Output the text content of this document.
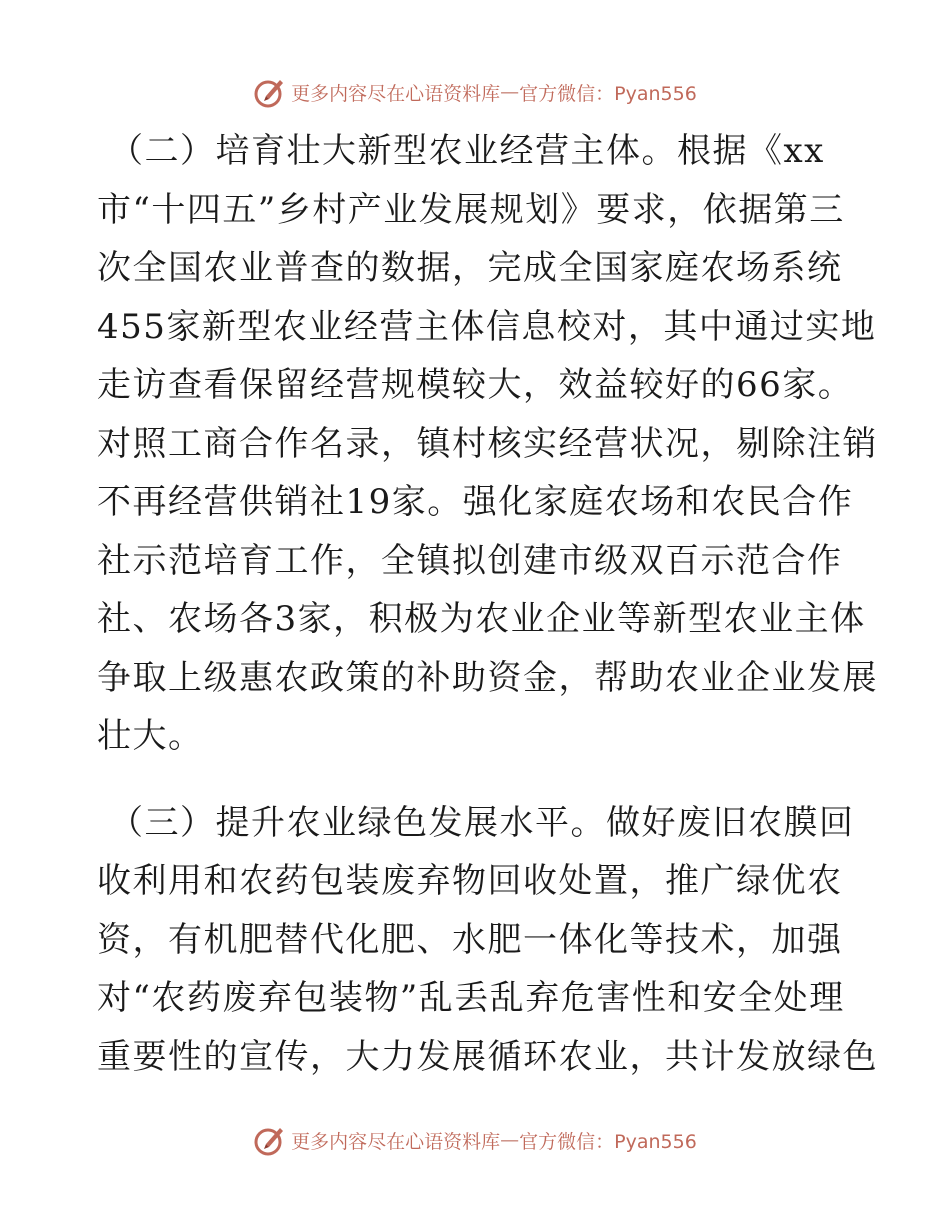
更多内容尽在心语资料库 — 官方微信：Pyan556

（二）培育壮大新型农业经营主体。根据《xx

市“十四五”乡村产业发展规划》要求，依据第三

次全国农业普查的数据，完成全国家庭农场系统

455家新型农业经营主体信息校对，其中通过实地

走访查看保留经营规模较大，效益较好的66家。

对照工商合作名录，镇村核实经营状况，剔除注销

不再经营供销社19家。强化家庭农场和农民合作

社示范培育工作，全镇拟创建市级双百示范合作

社、农场各3家，积极为农业企业等新型农业主体

争取上级惠农政策的补助资金，帮助农业企业发展

壮大。

（三）提升农业绿色发展水平。做好废旧农膜回

收利用和农药包装废弃物回收处置，推广绿优农

资，有机肥替代化肥、水肥一体化等技术，加强

对“农药废弃包装物”乱丢乱弃危害性和安全处理

重要性的宣传，大力发展循环农业，共计发放绿色

更多内容尽在心语资料库 — 官方微信：Pyan556
